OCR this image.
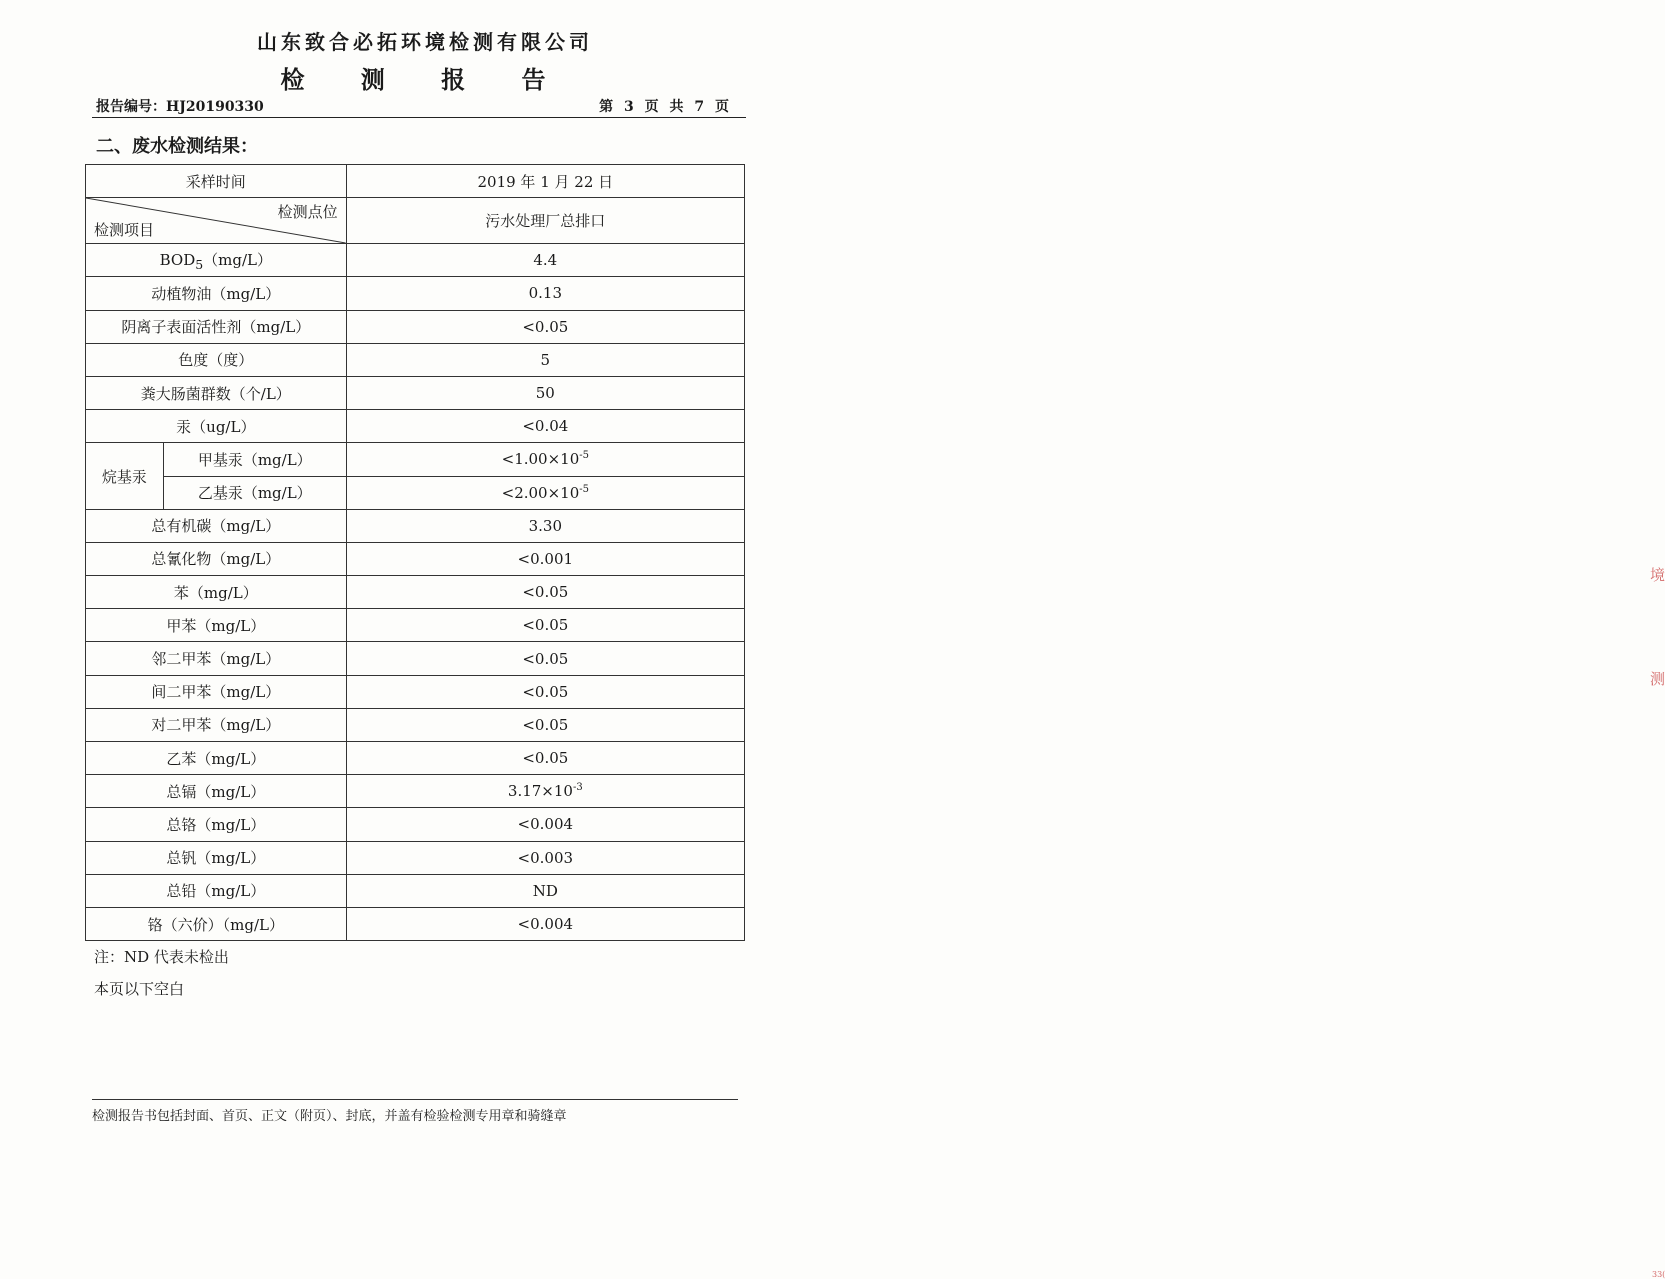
山东致合必拓环境检测有限公司
检 测 报 告
报告编号：HJ20190330	第 3 页 共 7 页
二、废水检测结果：
采样时间		2019 年 1 月 22 日

检测点位
检测项目		污水处理厂总排口
$BOD_5(mg/L)$		4.4
动植物油（mg/L）		0.13
阴离子表面活性剂（mg/L）		<0.05
色度（度）		5
粪大肠菌群数（个/L）		50
汞（ug/L）		<0.04
烷基汞	甲基汞（mg/L）	$<1.00\times 10^{-5}$
	乙基汞（mg/L）	$<2.00\times 10^{-5}$
总有机碳（mg/L）		3.30
总氰化物（mg/L）		<0.001
苯（mg/L）		<0.05
甲苯（mg/L）		<0.05
邻二甲苯（mg/L）		<0.05
间二甲苯（mg/L）		<0.05
对二甲苯（mg/L）		<0.05
乙苯（mg/L）		<0.05
总镉（mg/L）		$3.17\times 10^{-3}$
总铬（mg/L）		<0.004
总钒（mg/L）		<0.003
总铅（mg/L）		ND
铬（六价）（mg/L）		<0.004
注：ND 代表未检出
本页以下空白
检测报告书包括封面、首页、正文（附页）、封底，并盖有检验检测专用章和骑缝章
境
测
33(
